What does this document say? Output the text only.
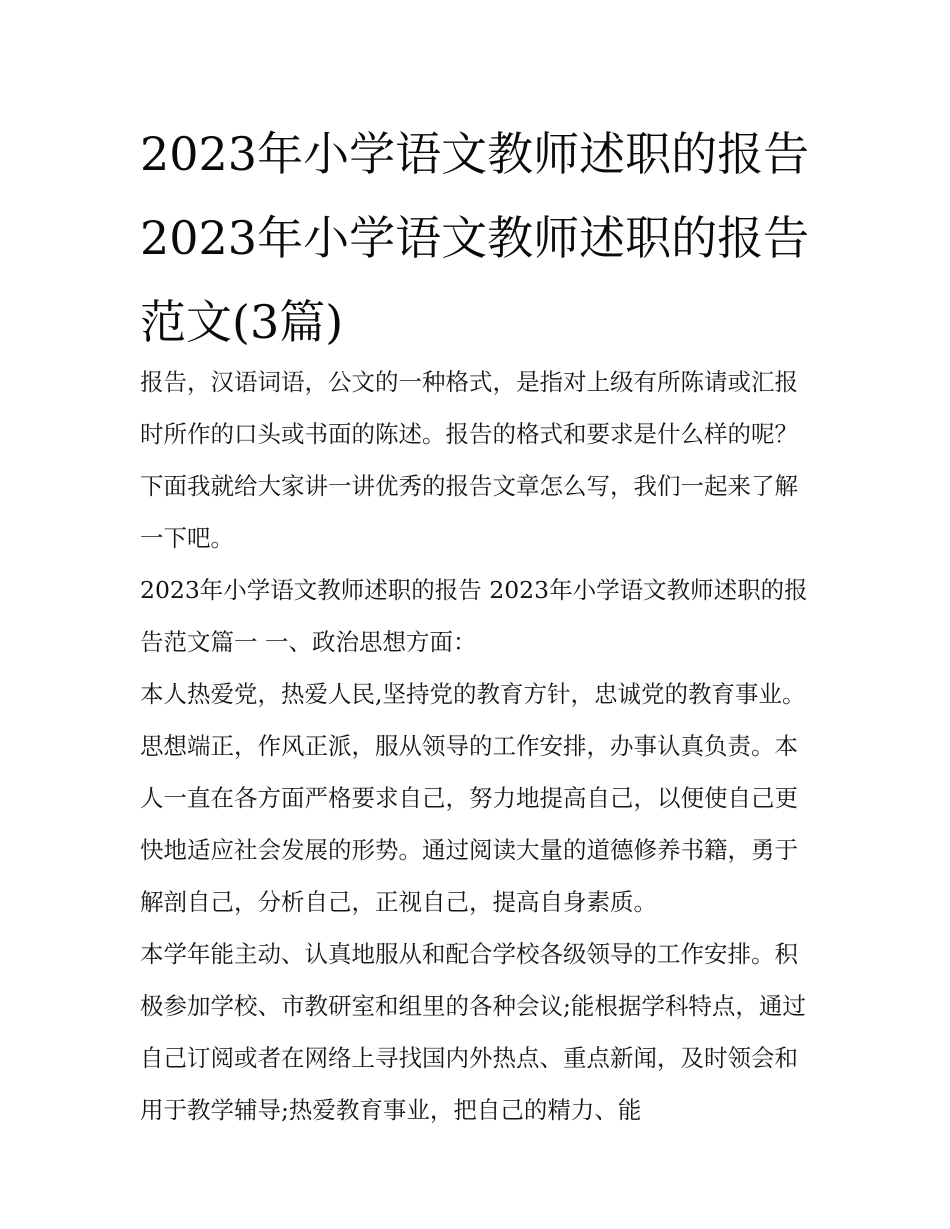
2023年小学语文教师述职的报告 2023年小学语文教师述职的报告范文(3篇)

报告，汉语词语，公文的一种格式，是指对上级有所陈请或汇报时所作的口头或书面的陈述。报告的格式和要求是什么样的呢？下面我就给大家讲一讲优秀的报告文章怎么写，我们一起来了解一下吧。

2023年小学语文教师述职的报告 2023年小学语文教师述职的报告范文篇一 一、政治思想方面：

本人热爱党，热爱人民,坚持党的教育方针，忠诚党的教育事业。思想端正，作风正派，服从领导的工作安排，办事认真负责。本人一直在各方面严格要求自己，努力地提高自己，以便使自己更快地适应社会发展的形势。通过阅读大量的道德修养书籍，勇于解剖自己，分析自己，正视自己，提高自身素质。

本学年能主动、认真地服从和配合学校各级领导的工作安排。积极参加学校、市教研室和组里的各种会议;能根据学科特点，通过自己订阅或者在网络上寻找国内外热点、重点新闻，及时领会和用于教学辅导;热爱教育事业，把自己的精力、能
